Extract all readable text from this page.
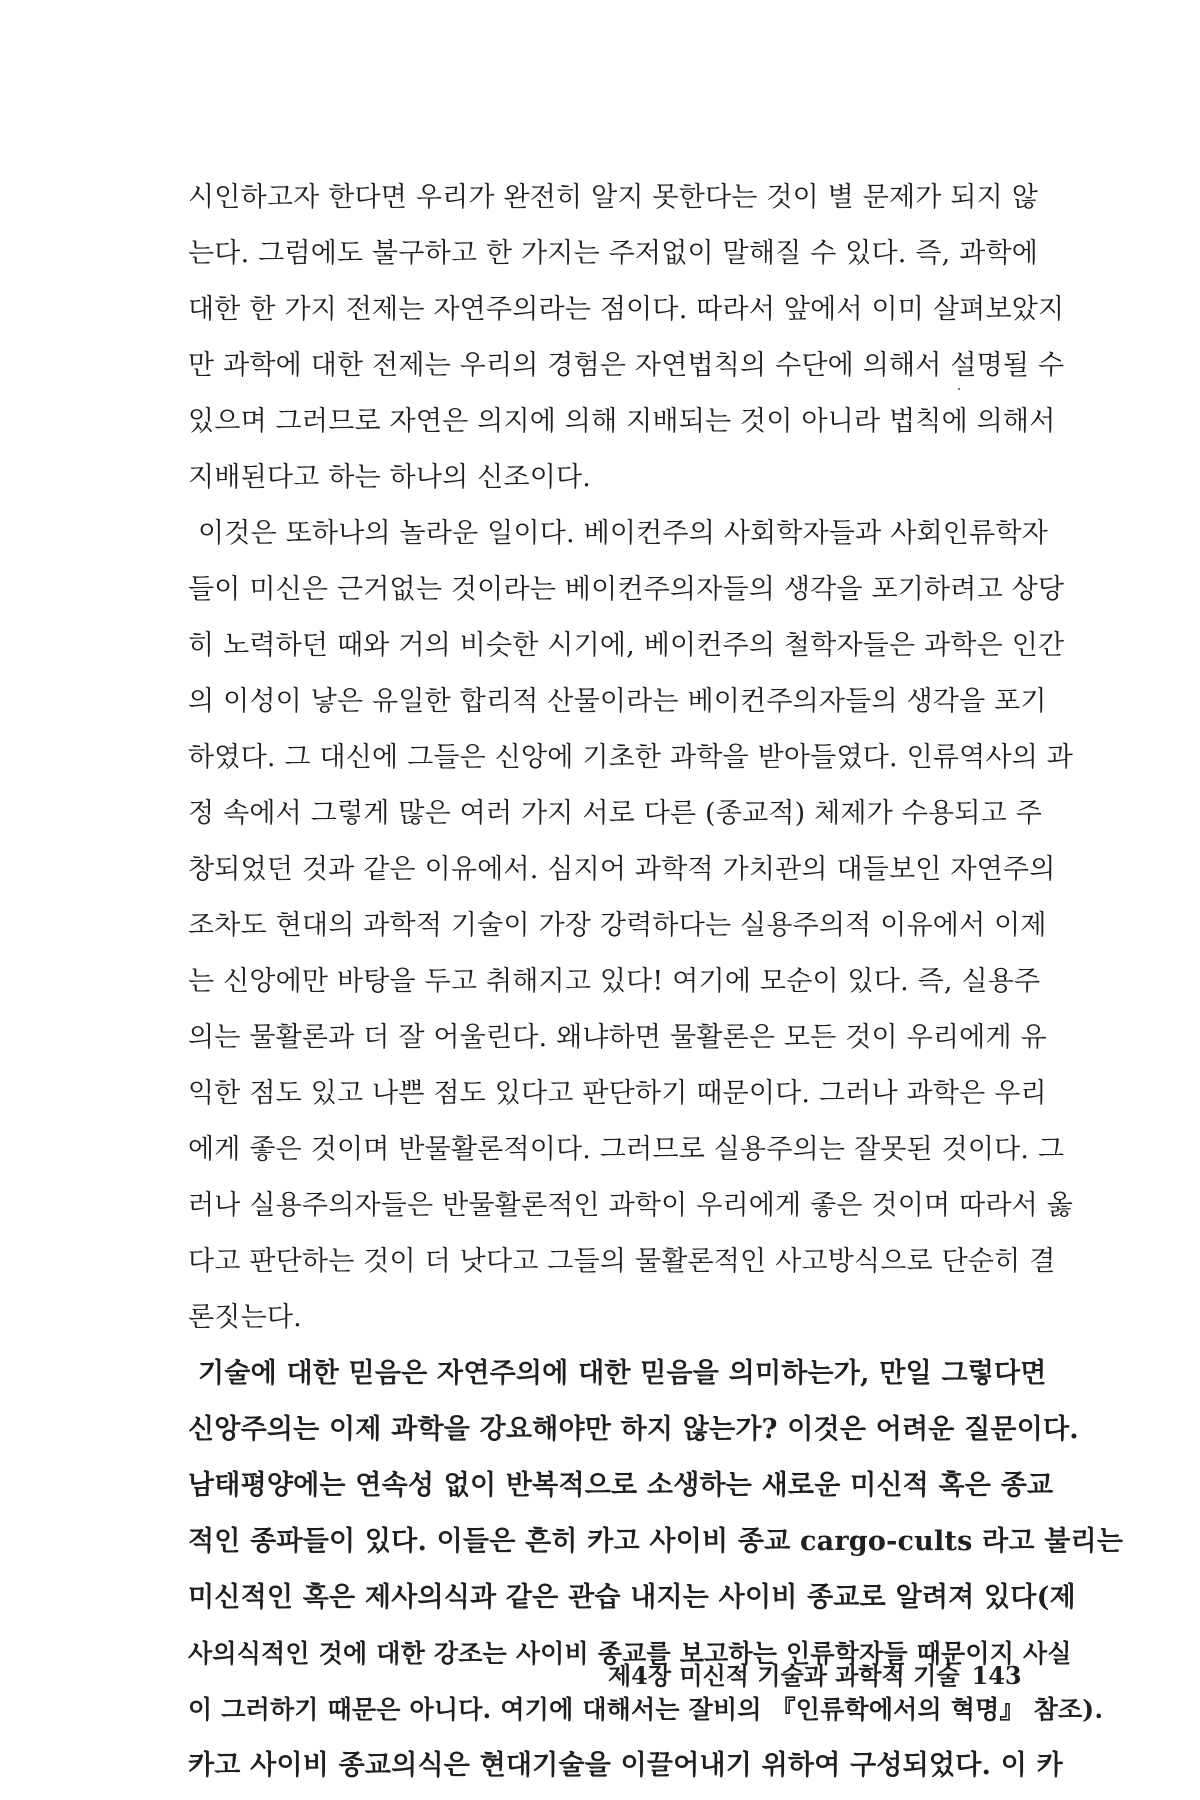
시인하고자 한다면 우리가 완전히 알지 못한다는 것이 별 문제가 되지 않
는다. 그럼에도 불구하고 한 가지는 주저없이 말해질 수 있다. 즉, 과학에
대한 한 가지 전제는 자연주의라는 점이다. 따라서 앞에서 이미 살펴보았지
만 과학에 대한 전제는 우리의 경험은 자연법칙의 수단에 의해서 설명될 수
있으며 그러므로 자연은 의지에 의해 지배되는 것이 아니라 법칙에 의해서
지배된다고 하는 하나의 신조이다.
이것은 또하나의 놀라운 일이다. 베이컨주의 사회학자들과 사회인류학자
들이 미신은 근거없는 것이라는 베이컨주의자들의 생각을 포기하려고 상당
히 노력하던 때와 거의 비슷한 시기에, 베이컨주의 철학자들은 과학은 인간
의 이성이 낳은 유일한 합리적 산물이라는 베이컨주의자들의 생각을 포기
하였다. 그 대신에 그들은 신앙에 기초한 과학을 받아들였다. 인류역사의 과
정 속에서 그렇게 많은 여러 가지 서로 다른 (종교적) 체제가 수용되고 주
창되었던 것과 같은 이유에서. 심지어 과학적 가치관의 대들보인 자연주의
조차도 현대의 과학적 기술이 가장 강력하다는 실용주의적 이유에서 이제
는 신앙에만 바탕을 두고 취해지고 있다! 여기에 모순이 있다. 즉, 실용주
의는 물활론과 더 잘 어울린다. 왜냐하면 물활론은 모든 것이 우리에게 유
익한 점도 있고 나쁜 점도 있다고 판단하기 때문이다. 그러나 과학은 우리
에게 좋은 것이며 반물활론적이다. 그러므로 실용주의는 잘못된 것이다. 그
러나 실용주의자들은 반물활론적인 과학이 우리에게 좋은 것이며 따라서 옳
다고 판단하는 것이 더 낫다고 그들의 물활론적인 사고방식으로 단순히 결
론짓는다.
기술에 대한 믿음은 자연주의에 대한 믿음을 의미하는가, 만일 그렇다면
신앙주의는 이제 과학을 강요해야만 하지 않는가? 이것은 어려운 질문이다.
남태평양에는 연속성 없이 반복적으로 소생하는 새로운 미신적 혹은 종교
적인 종파들이 있다. 이들은 흔히 카고 사이비 종교 cargo-cults 라고 불리는
미신적인 혹은 제사의식과 같은 관습 내지는 사이비 종교로 알려져 있다(제
사의식적인 것에 대한 강조는 사이비 종교를 보고하는 인류학자들 때문이지 사실
이 그러하기 때문은 아니다. 여기에 대해서는 잘비의 『인류학에서의 혁명』 참조).
카고 사이비 종교의식은 현대기술을 이끌어내기 위하여 구성되었다. 이 카
제4장 미신적 기술과 과학적 기술 143
